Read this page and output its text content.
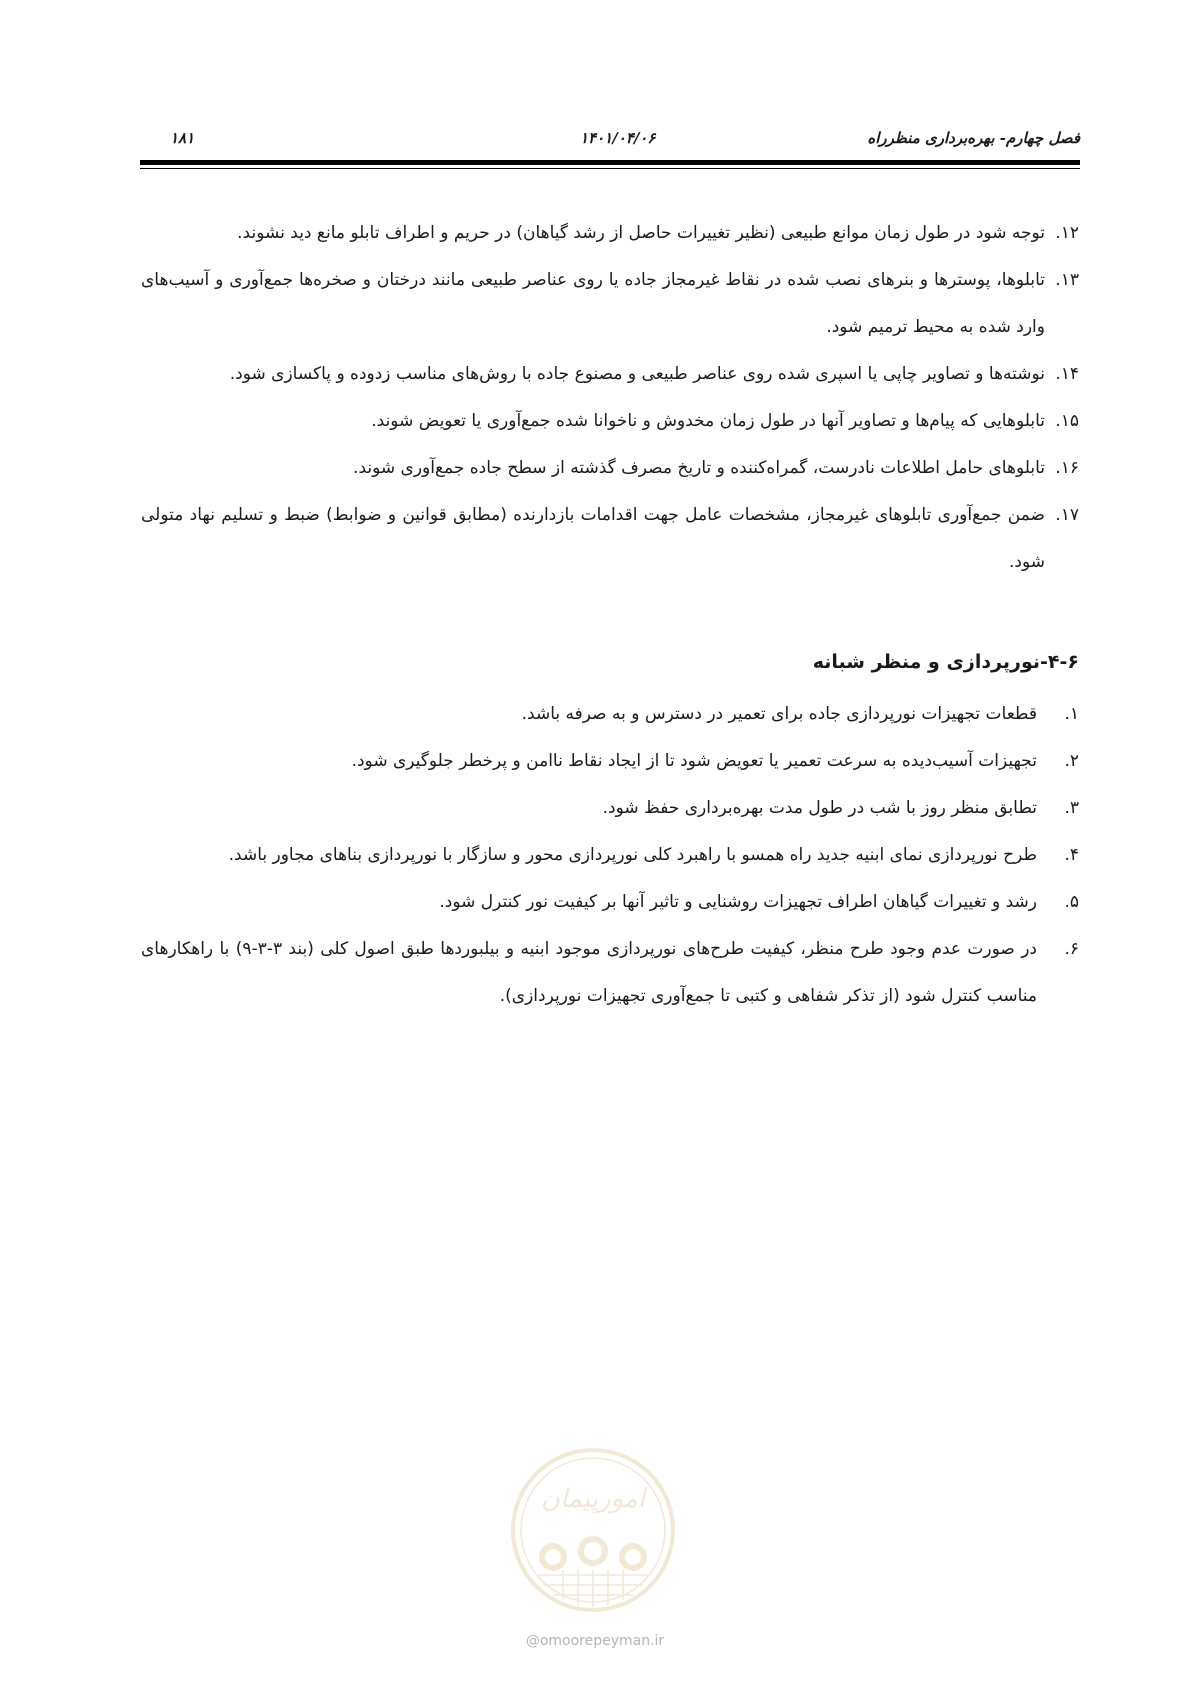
فصل چهارم- بهره‌برداری منظرراه
۱۴۰۱/۰۴/۰۶
۱۸۱

۱۲.
توجه شود در طول زمان موانع طبیعی (نظیر تغییرات حاصل از رشد گیاهان) در حریم و اطراف تابلو مانع دید نشوند.

۱۳.
تابلوها، پوسترها و بنرهای نصب شده در نقاط غیرمجاز جاده یا روی عناصر طبیعی مانند درختان و صخره‌ها جمع‌آوری و آسیب‌های وارد شده به محیط ترمیم شود.

۱۴.
نوشته‌ها و تصاویر چاپی یا اسپری شده روی عناصر طبیعی و مصنوع جاده با روش‌های مناسب زدوده و پاکسازی شود.

۱۵.
تابلوهایی که پیام‌ها و تصاویر آنها در طول زمان مخدوش و ناخوانا شده جمع‌آوری یا تعویض شوند.

۱۶.
تابلوهای حامل اطلاعات نادرست، گمراه‌کننده و تاریخ مصرف گذشته از سطح جاده جمع‌آوری شوند.

۱۷.
ضمن جمع‌آوری تابلوهای غیرمجاز، مشخصات عامل جهت اقدامات بازدارنده (مطابق قوانین و ضوابط) ضبط و تسلیم نهاد متولی شود.

۴-۶-نورپردازی و منظر شبانه

۱.
قطعات تجهیزات نورپردازی جاده برای تعمیر در دسترس و به صرفه باشد.

۲.
تجهیزات آسیب‌دیده به سرعت تعمیر یا تعویض شود تا از ایجاد نقاط ناامن و پرخطر جلوگیری شود.

۳.
تطابق منظر روز با شب در طول مدت بهره‌برداری حفظ شود.

۴.
طرح نورپردازی نمای ابنیه جدید راه همسو با راهبرد کلی نورپردازی محور و سازگار با نورپردازی بناهای مجاور باشد.

۵.
رشد و تغییرات گیاهان اطراف تجهیزات روشنایی و تاثیر آنها بر کیفیت نور کنترل شود.

۶.
در صورت عدم وجود طرح منظر، کیفیت طرح‌های نورپردازی موجود ابنیه و بیلبوردها طبق اصول کلی (بند ۳-۳-۹) با راهکارهای مناسب کنترل شود (از تذکر شفاهی و کتبی تا جمع‌آوری تجهیزات نورپردازی).

امورپیمان
@omoorepeyman.ir
